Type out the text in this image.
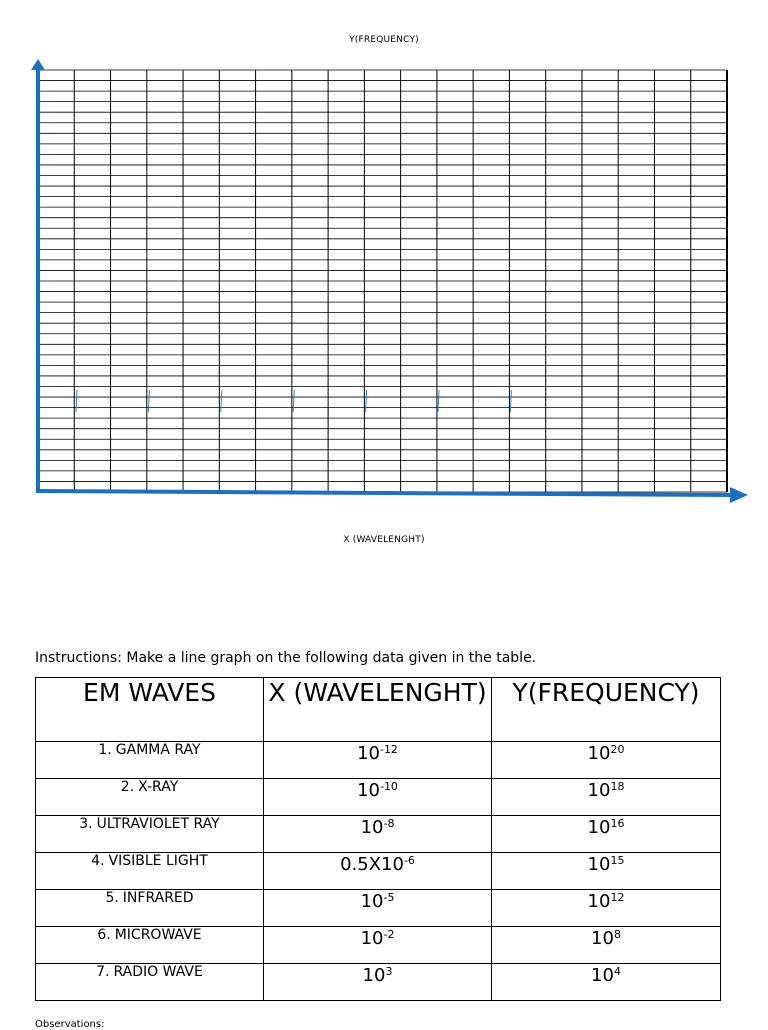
Y(FREQUENCY)
X (WAVELENGHT)
Instructions: Make a line graph on the following data given in the table.
EM WAVES	X (WAVELENGHT)	Y(FREQUENCY)
1. GAMMA RAY	$10^{-12}$	$10^{20}$
2. X-RAY	$10^{-10}$	$10^{18}$
3. ULTRAVIOLET RAY	$10^{-8}$	$10^{16}$
4. VISIBLE LIGHT	$0.5X10^{-6}$	$10^{15}$
5. INFRARED	$10^{-5}$	$10^{12}$
6. MICROWAVE	$10^{-2}$	$10^8$
7. RADIO WAVE	$10^3$	$10^4$
Observations:
